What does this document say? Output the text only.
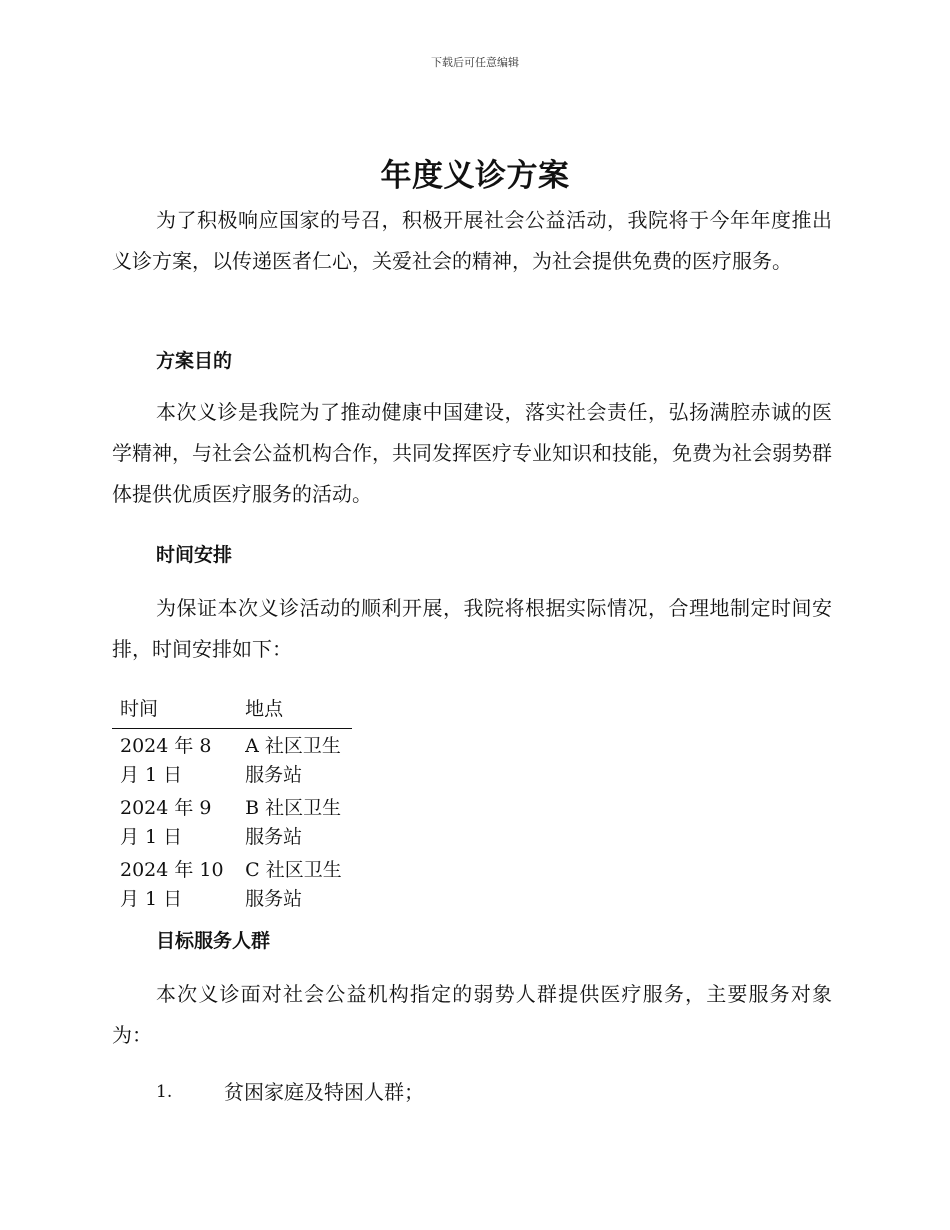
下载后可任意编辑
年度义诊方案

为了积极响应国家的号召，积极开展社会公益活动，我院将于今年年度推出义诊方案，以传递医者仁心，关爱社会的精神，为社会提供免费的医疗服务。

方案目的

本次义诊是我院为了推动健康中国建设，落实社会责任，弘扬满腔赤诚的医学精神，与社会公益机构合作，共同发挥医疗专业知识和技能，免费为社会弱势群体提供优质医疗服务的活动。

时间安排

为保证本次义诊活动的顺利开展，我院将根据实际情况，合理地制定时间安排，时间安排如下：

时间	地点
2024 年 8 月 1 日	A 社区卫生服务站
2024 年 9 月 1 日	B 社区卫生服务站
2024 年 10 月 1 日	C 社区卫生服务站
目标服务人群

本次义诊面对社会公益机构指定的弱势人群提供医疗服务，主要服务对象为：

1.	贫困家庭及特困人群；
